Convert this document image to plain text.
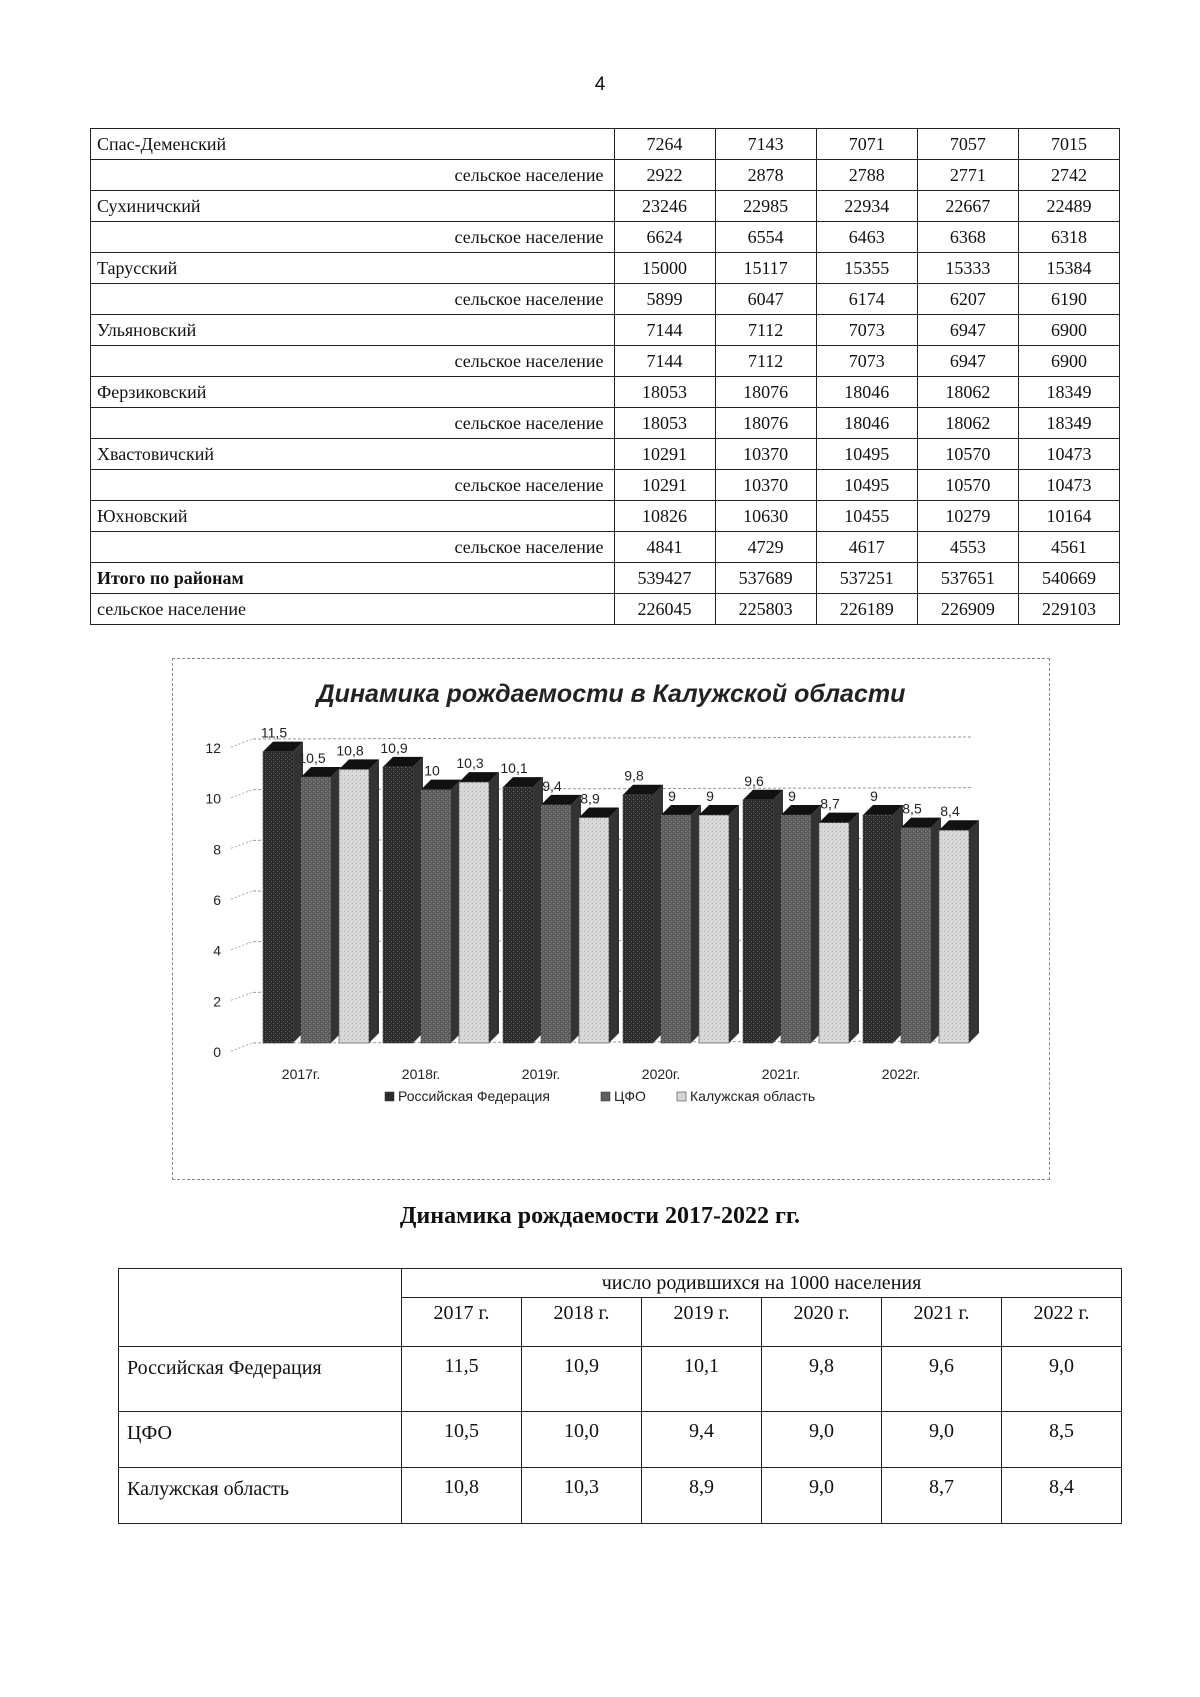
4
Спас-Деменский	7264	7143	7071	7057	7015
сельское население	2922	2878	2788	2771	2742
Сухиничский	23246	22985	22934	22667	22489
сельское население	6624	6554	6463	6368	6318
Тарусский	15000	15117	15355	15333	15384
сельское население	5899	6047	6174	6207	6190
Ульяновский	7144	7112	7073	6947	6900
сельское население	7144	7112	7073	6947	6900
Ферзиковский	18053	18076	18046	18062	18349
сельское население	18053	18076	18046	18062	18349
Хвастовичский	10291	10370	10495	10570	10473
сельское население	10291	10370	10495	10570	10473
Юхновский	10826	10630	10455	10279	10164
сельское население	4841	4729	4617	4553	4561
Итого по районам	539427	537689	537251	537651	540669
сельское население	226045	225803	226189	226909	229103
Динамика рождаемости в Калужской области
0
2
4
6
8
10
12
11,5
10,5 10,8 10,9
10 10,3 10,1
9,4
8,9
9,8
9 9
9,6
9 8,7 9
8,5 8,4
2017г.	2018г.	2019г.	2020г.	2021г.	2022г.
Российская Федерация	ЦФО	Калужская область
Динамика рождаемости 2017-2022 гг.
	число родившихся на 1000 населения					
	2017 г.	2018 г.	2019 г.	2020 г.	2021 г.	2022 г.
Российская Федерация	11,5	10,9	10,1	9,8	9,6	9,0
ЦФО	10,5	10,0	9,4	9,0	9,0	8,5
Калужская область	10,8	10,3	8,9	9,0	8,7	8,4
